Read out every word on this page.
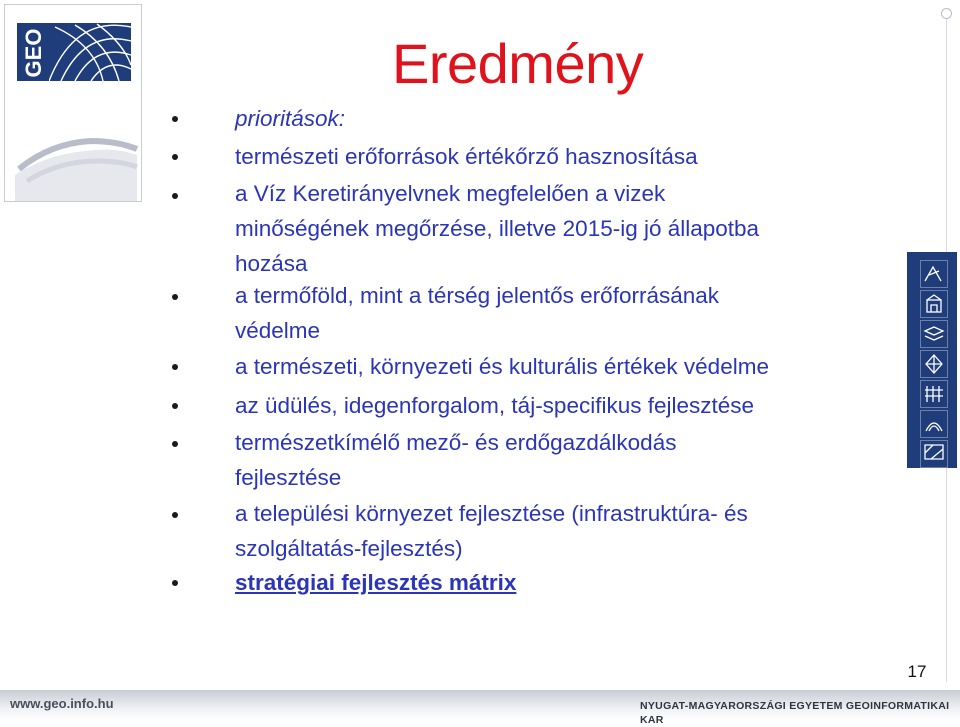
GEO	Eredmény
prioritások:
természeti erőforrások értékőrző hasznosítása
a Víz Keretirányelvnek megfelelően a vizek
minőségének megőrzése, illetve 2015-ig jó állapotba
hozása
a termőföld, mint a térség jelentős erőforrásának
védelme
a természeti, környezeti és kulturális értékek védelme
az üdülés, idegenforgalom, táj-specifikus fejlesztése
természetkímélő mező- és erdőgazdálkodás
fejlesztése
a települési környezet fejlesztése (infrastruktúra- és
szolgáltatás-fejlesztés)
stratégiai fejlesztés mátrix
17
www.geo.info.hu	NYUGAT-MAGYARORSZÁGI EGYETEM GEOINFORMATIKAI KAR
